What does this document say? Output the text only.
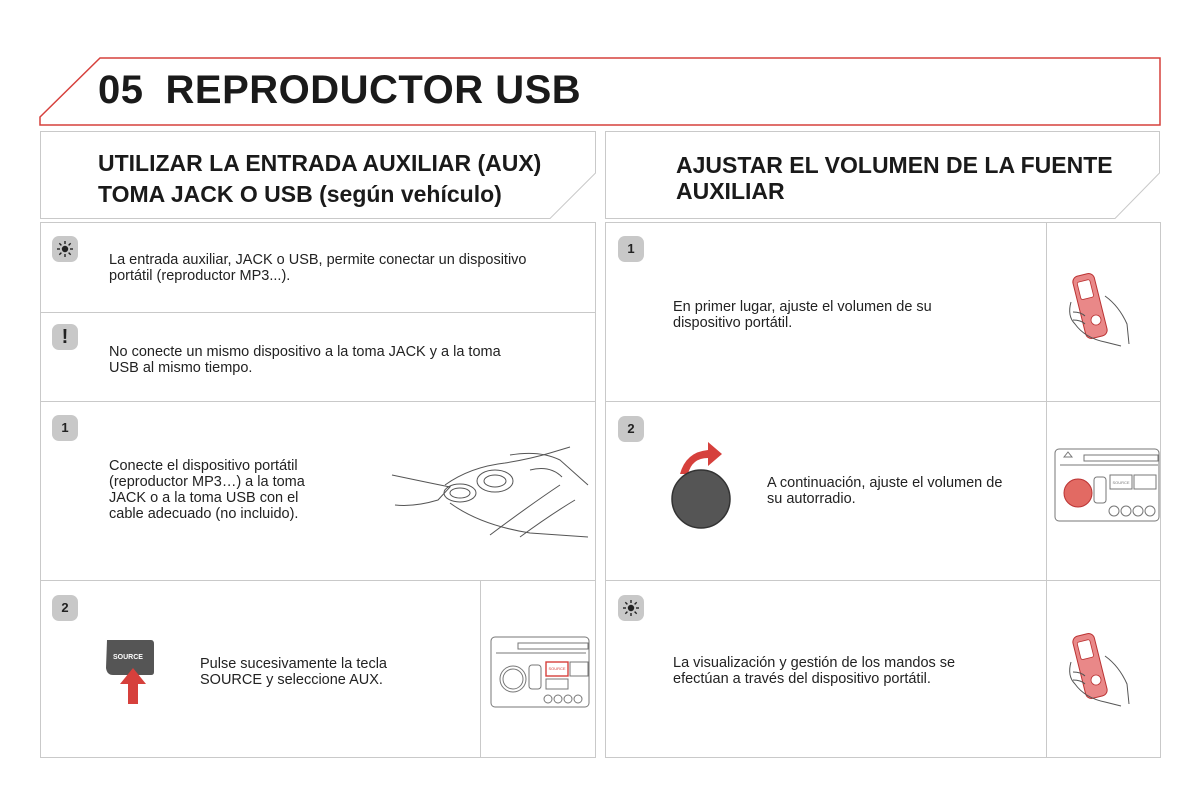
05 REPRODUCTOR USB
UTILIZAR LA ENTRADA AUXILIAR (AUX)
TOMA JACK O USB (según vehículo)
La entrada auxiliar, JACK o USB, permite conectar un dispositivo
portátil (reproductor MP3...).
!
No conecte un mismo dispositivo a la toma JACK y a la toma
USB al mismo tiempo.
1
Conecte el dispositivo portátil
(reproductor MP3…) a la toma
JACK o a la toma USB con el
cable adecuado (no incluido).
2
SOURCE	Pulse sucesivamente la tecla
SOURCE y seleccione AUX.
SOURCE
AJUSTAR EL VOLUMEN DE LA FUENTE
AUXILIAR
1
En primer lugar, ajuste el volumen de su
dispositivo portátil.
2
A continuación, ajuste el volumen de
su autorradio.
SOURCE
La visualización y gestión de los mandos se
efectúan a través del dispositivo portátil.
